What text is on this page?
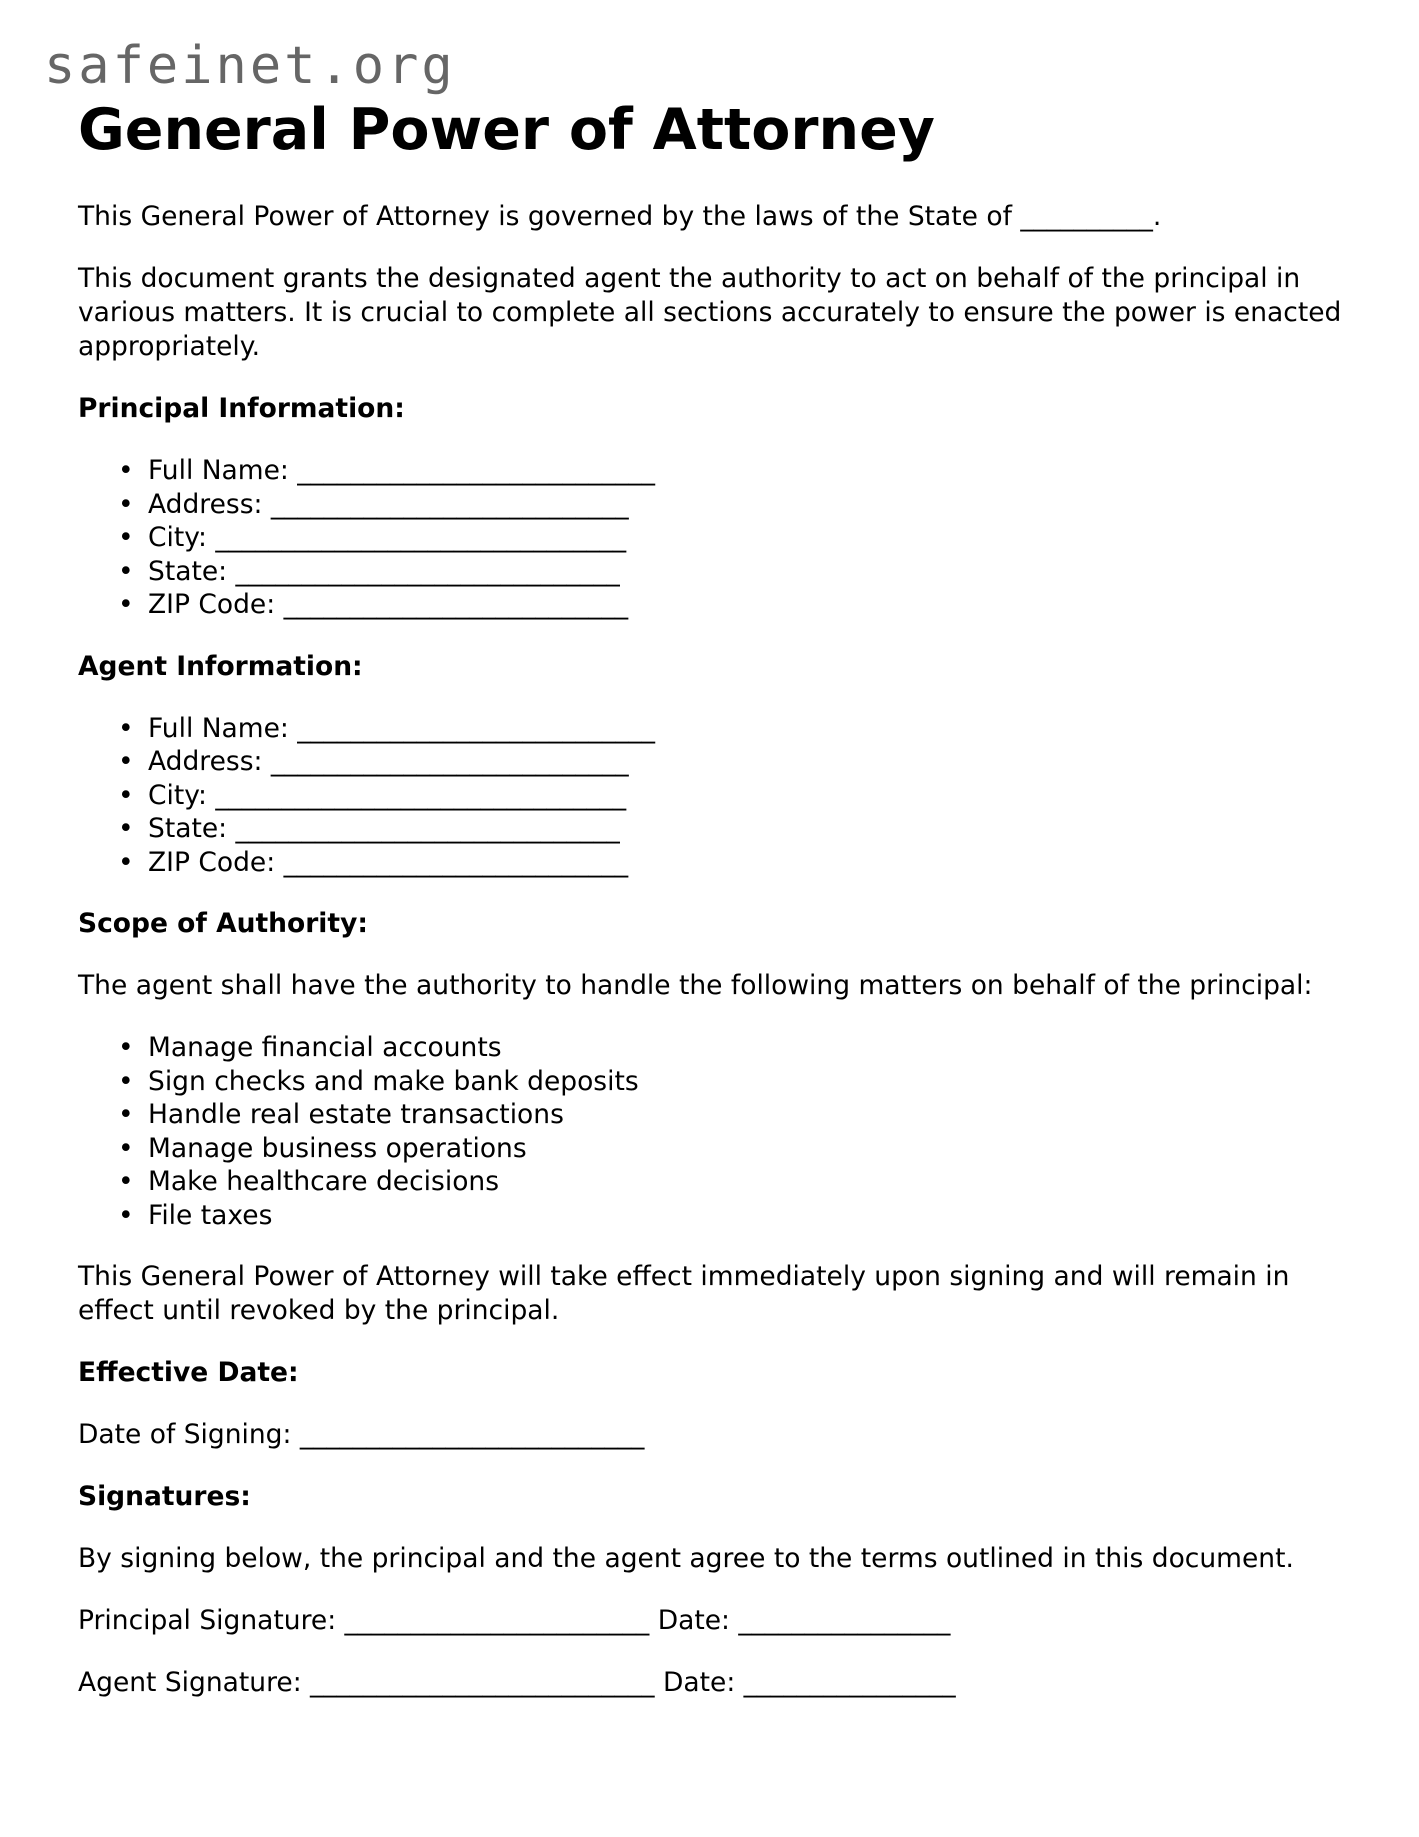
safeinet.org
General Power of Attorney

This General Power of Attorney is governed by the laws of the State of __________.

This document grants the designated agent the authority to act on behalf of the principal in various matters. It is crucial to complete all sections accurately to ensure the power is enacted appropriately.

Principal Information:

• Full Name: ___________________________
• Address: ___________________________
• City: _______________________________
• State: _____________________________
• ZIP Code: __________________________

Agent Information:

• Full Name: ___________________________
• Address: ___________________________
• City: _______________________________
• State: _____________________________
• ZIP Code: __________________________

Scope of Authority:

The agent shall have the authority to handle the following matters on behalf of the principal:

• Manage financial accounts
• Sign checks and make bank deposits
• Handle real estate transactions
• Manage business operations
• Make healthcare decisions
• File taxes

This General Power of Attorney will take effect immediately upon signing and will remain in effect until revoked by the principal.

Effective Date:

Date of Signing: __________________________

Signatures:

By signing below, the principal and the agent agree to the terms outlined in this document.

Principal Signature: _______________________ Date: ________________

Agent Signature: __________________________ Date: ________________
